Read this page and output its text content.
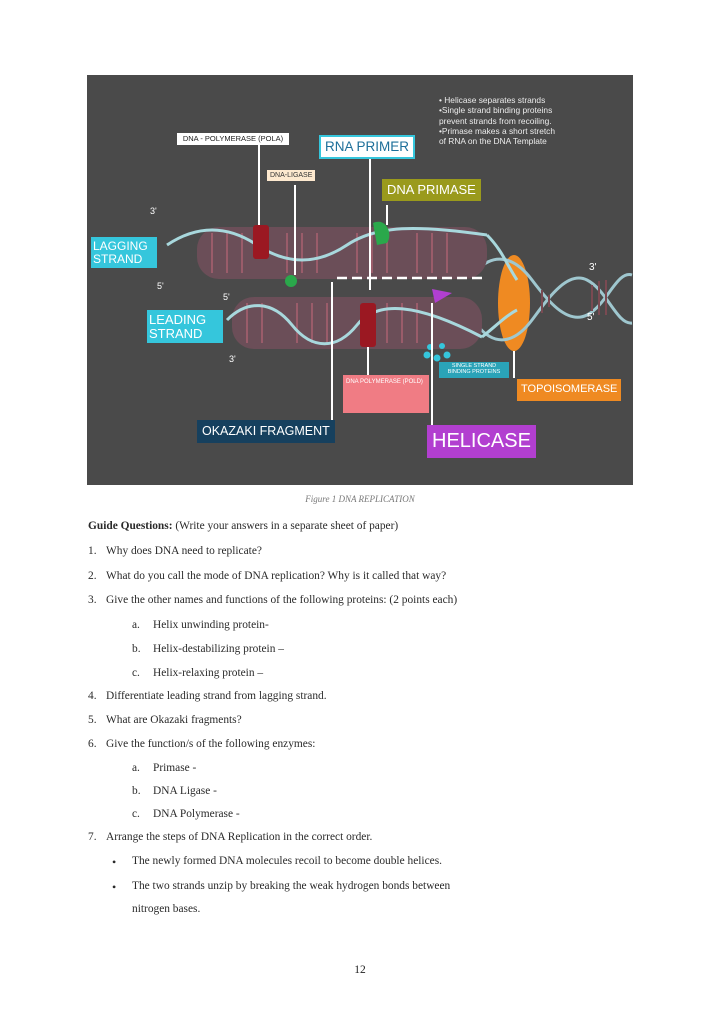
• Helicase separates strands
•Single strand binding proteins
prevent strands from recoiling.
•Primase makes a short stretch
of RNA on the DNA Template
DNA - POLYMERASE (POLA)
RNA PRIMER
DNA-LIGASE
DNA PRIMASE
LAGGING STRAND
LEADING STRAND
DNA POLYMERASE (POLD)
SINGLE STRAND BINDING PROTEINS
TOPOISOMERASE
OKAZAKI FRAGMENT	HELICASE
3'
5'
5'
3'
3'
5'
Figure 1 DNA REPLICATION
Guide Questions: (Write your answers in a separate sheet of paper)
1. Why does DNA need to replicate?
2. What do you call the mode of DNA replication? Why is it called that way?
3. Give the other names and functions of the following proteins: (2 points each)
a. Helix unwinding protein-
b. Helix-destabilizing protein –
c. Helix-relaxing protein –
4. Differentiate leading strand from lagging strand.
5. What are Okazaki fragments?
6. Give the function/s of the following enzymes:
a. Primase -
b. DNA Ligase -
c. DNA Polymerase -
7. Arrange the steps of DNA Replication in the correct order.
• The newly formed DNA molecules recoil to become double helices.
• The two strands unzip by breaking the weak hydrogen bonds between
nitrogen bases.
12
